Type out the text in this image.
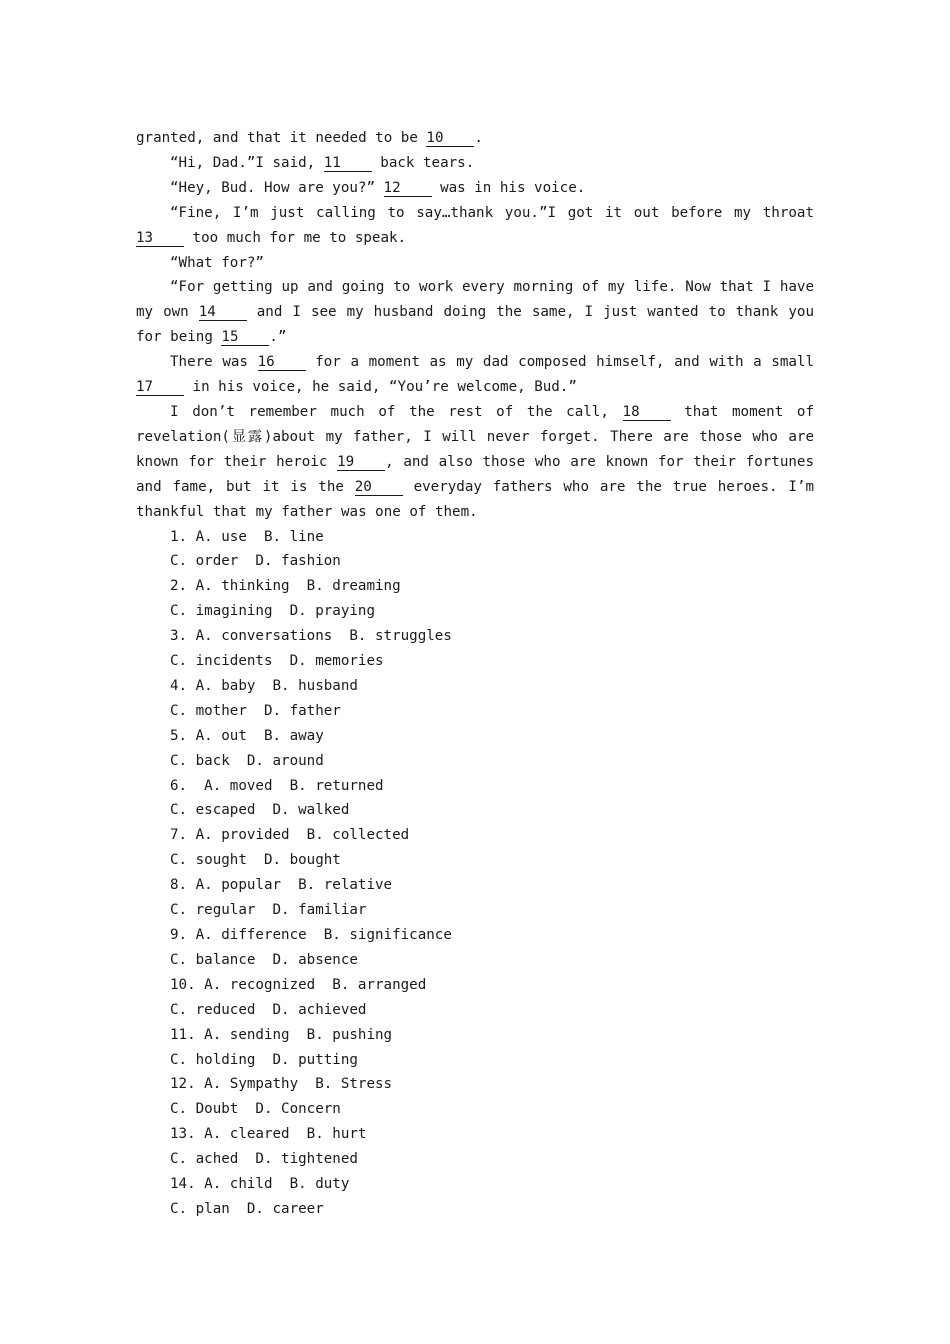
granted, and that it needed to be 10 .

“Hi, Dad.”I said, 11 back tears.

“Hey, Bud. How are you?” 12 was in his voice.

“Fine, I’m just calling to say…thank you.”I got it out before my throat 13 too much for me to speak.

“What for?”

“For getting up and going to work every morning of my life. Now that I have my own 14 and I see my husband doing the same, I just wanted to thank you for being 15 .”

There was 16 for a moment as my dad composed himself, and with a small17 in his voice, he said, “You’re welcome, Bud.”

I don’t remember much of the rest of the call, 18 that moment of revelation(显露)about my father, I will never forget. There are those who are known for their heroic 19 , and also those who are known for their fortunes and fame, but it is the 20 everyday fathers who are the true heroes. I’m thankful that my father was one of them.

1. A. use  B. line

C. order  D. fashion

2. A. thinking  B. dreaming

C. imagining  D. praying

3. A. conversations  B. struggles

C. incidents  D. memories

4. A. baby  B. husband

C. mother  D. father

5. A. out  B. away

C. back  D. around

6.  A. moved  B. returned

C. escaped  D. walked

7. A. provided  B. collected

C. sought  D. bought

8. A. popular  B. relative

C. regular  D. familiar

9. A. difference  B. significance

C. balance  D. absence

10. A. recognized  B. arranged

C. reduced  D. achieved

11. A. sending  B. pushing

C. holding  D. putting

12. A. Sympathy  B. Stress

C. Doubt  D. Concern

13. A. cleared  B. hurt

C. ached  D. tightened

14. A. child  B. duty

C. plan  D. career
